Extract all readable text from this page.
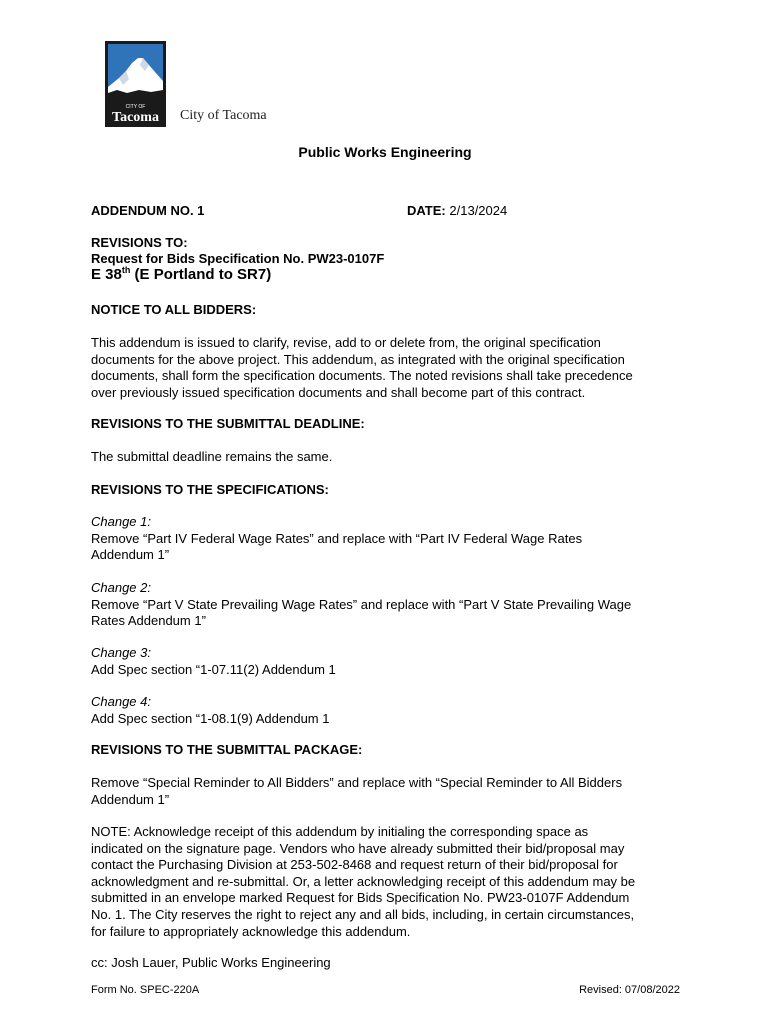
CITY OF
Tacoma City of Tacoma
Public Works Engineering
ADDENDUM NO. 1	DATE: 2/13/2024
REVISIONS TO:
Request for Bids Specification No. PW23-0107F
E 38th (E Portland to SR7)
NOTICE TO ALL BIDDERS:
This addendum is issued to clarify, revise, add to or delete from, the original specification
documents for the above project. This addendum, as integrated with the original specification
documents, shall form the specification documents. The noted revisions shall take precedence
over previously issued specification documents and shall become part of this contract.
REVISIONS TO THE SUBMITTAL DEADLINE:
The submittal deadline remains the same.
REVISIONS TO THE SPECIFICATIONS:
Change 1:
Remove “Part IV Federal Wage Rates” and replace with “Part IV Federal Wage Rates
Addendum 1”
Change 2:
Remove “Part V State Prevailing Wage Rates” and replace with “Part V State Prevailing Wage
Rates Addendum 1”
Change 3:
Add Spec section “1-07.11(2) Addendum 1
Change 4:
Add Spec section “1-08.1(9) Addendum 1
REVISIONS TO THE SUBMITTAL PACKAGE:
Remove “Special Reminder to All Bidders” and replace with “Special Reminder to All Bidders
Addendum 1”
NOTE: Acknowledge receipt of this addendum by initialing the corresponding space as
indicated on the signature page. Vendors who have already submitted their bid/proposal may
contact the Purchasing Division at 253-502-8468 and request return of their bid/proposal for
acknowledgment and re-submittal. Or, a letter acknowledging receipt of this addendum may be
submitted in an envelope marked Request for Bids Specification No. PW23-0107F Addendum
No. 1. The City reserves the right to reject any and all bids, including, in certain circumstances,
for failure to appropriately acknowledge this addendum.
cc: Josh Lauer, Public Works Engineering
Form No. SPEC-220A	Revised: 07/08/2022
